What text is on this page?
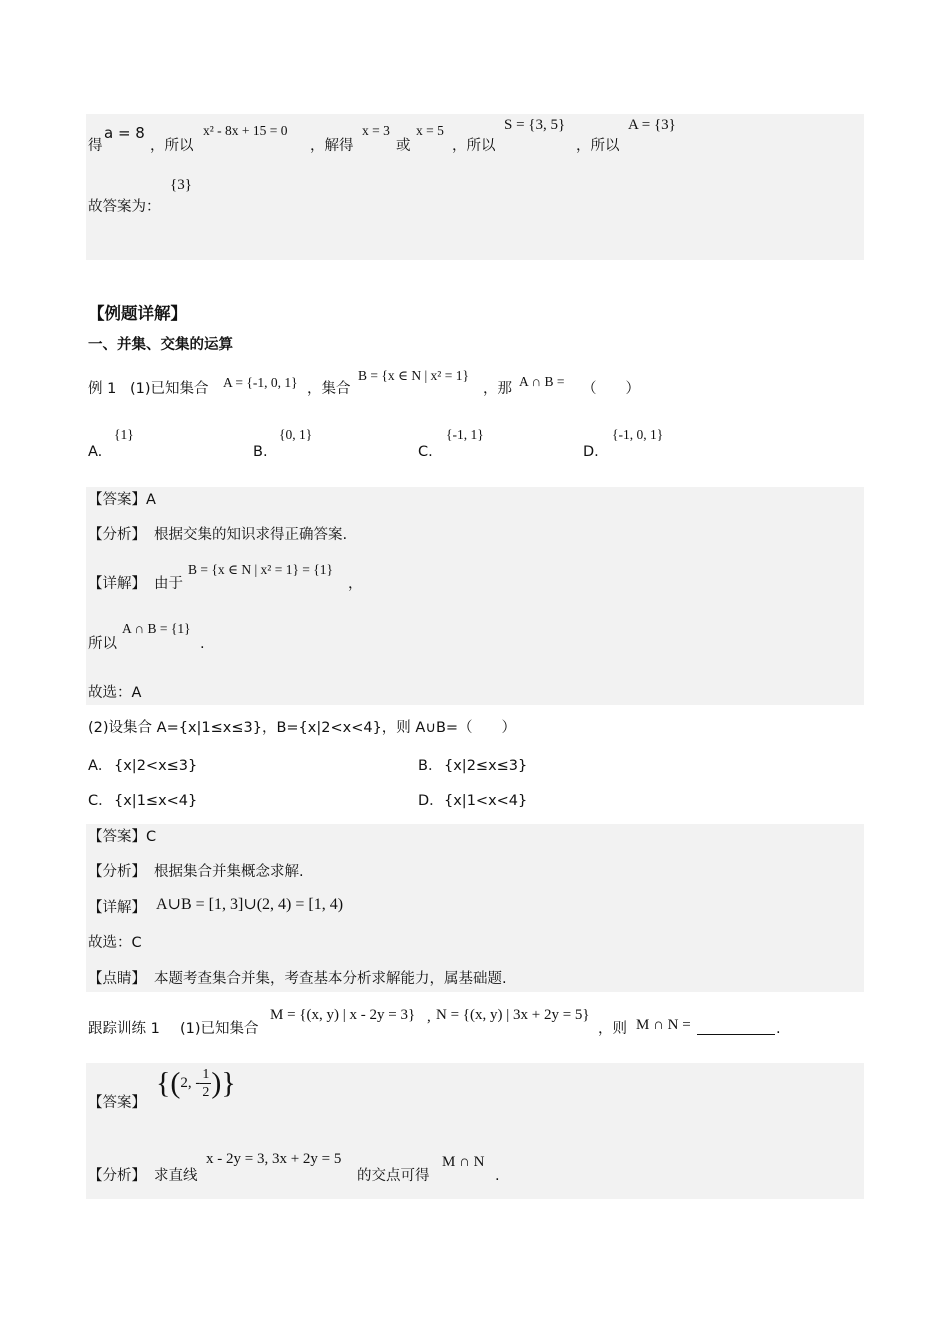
得
a = 8
，所以
x² - 8x + 15 = 0
，解得
x = 3
或
x = 5
，所以
S = {3, 5}
，所以
A = {3}
故答案为：
{3}
【例题详解】
一、并集、交集的运算
例 1 (1)已知集合 A = {-1, 0, 1} ，集合
B = {x ∈ N | x² = 1}
，那 A ∩ B = （　　）
A.
{1}
B.
{0, 1}
C.
{-1, 1}
D.
{-1, 0, 1}
【答案】A
【分析】 根据交集的知识求得正确答案.
【详解】 由于
B = {x ∈ N | x² = 1} = {1}
，
所以
A ∩ B = {1}
.
故选：A
(2)设集合 A={x|1≤x≤3}，B={x|2<x<4}，则 A∪B=（　　）
A． {x|2<x≤3}	B． {x|2≤x≤3}
C． {x|1≤x<4}	D． {x|1<x<4}
【答案】C
【分析】 根据集合并集概念求解.
【详解】 A∪B = [1, 3]∪(2, 4) = [1, 4)
故选：C
【点睛】 本题考查集合并集，考查基本分析求解能力，属基础题.
跟踪训练 1 (1)已知集合
M = {(x, y) | x - 2y = 3} , N = {(x, y) | 3x + 2y = 5}
，则 M ∩ N =	.
【答案】
{(2, - $\frac{1}{2}$ )}
【分析】 求直线
x - 2y = 3, 3x + 2y = 5
的交点可得
M ∩ N
.
